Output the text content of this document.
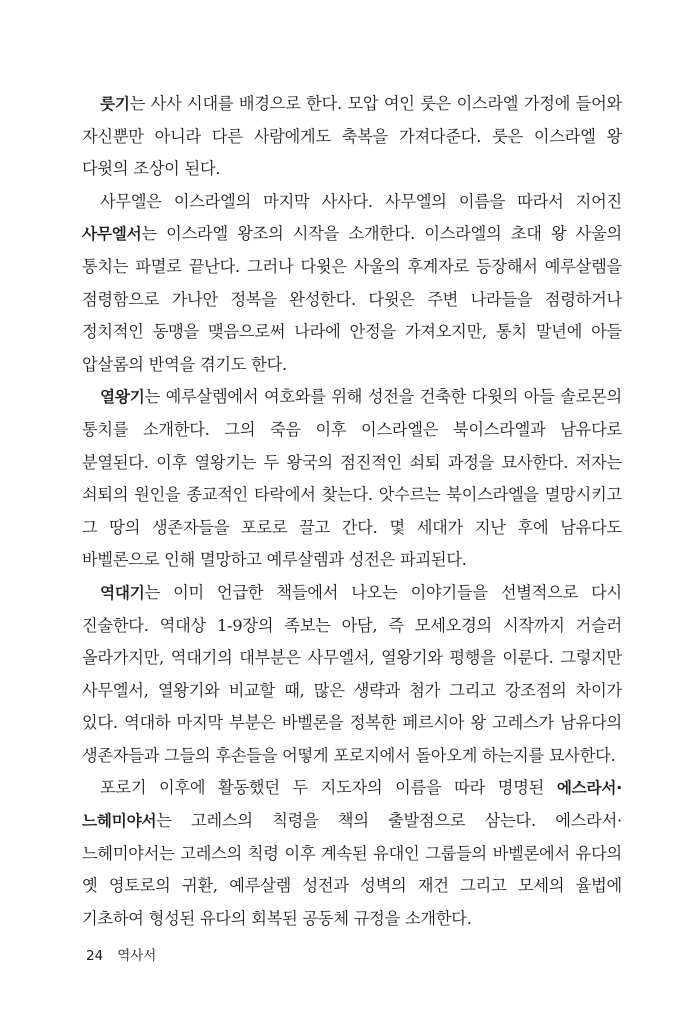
룻기는 사사 시대를 배경으로 한다. 모압 여인 룻은 이스라엘 가정에 들어와 자신뿐만 아니라 다른 사람에게도 축복을 가져다준다. 룻은 이스라엘 왕 다윗의 조상이 된다.

사무엘은 이스라엘의 마지막 사사다. 사무엘의 이름을 따라서 지어진 사무엘서는 이스라엘 왕조의 시작을 소개한다. 이스라엘의 초대 왕 사울의 통치는 파멸로 끝난다. 그러나 다윗은 사울의 후계자로 등장해서 예루살렘을 점령함으로 가나안 정복을 완성한다. 다윗은 주변 나라들을 점령하거나 정치적인 동맹을 맺음으로써 나라에 안정을 가져오지만, 통치 말년에 아들 압살롬의 반역을 겪기도 한다.

열왕기는 예루살렘에서 여호와를 위해 성전을 건축한 다윗의 아들 솔로몬의 통치를 소개한다. 그의 죽음 이후 이스라엘은 북이스라엘과 남유다로 분열된다. 이후 열왕기는 두 왕국의 점진적인 쇠퇴 과정을 묘사한다. 저자는 쇠퇴의 원인을 종교적인 타락에서 찾는다. 앗수르는 북이스라엘을 멸망시키고 그 땅의 생존자들을 포로로 끌고 간다. 몇 세대가 지난 후에 남유다도 바벨론으로 인해 멸망하고 예루살렘과 성전은 파괴된다.

역대기는 이미 언급한 책들에서 나오는 이야기들을 선별적으로 다시 진술한다. 역대상 1-9장의 족보는 아담, 즉 모세오경의 시작까지 거슬러 올라가지만, 역대기의 대부분은 사무엘서, 열왕기와 평행을 이룬다. 그렇지만 사무엘서, 열왕기와 비교할 때, 많은 생략과 첨가 그리고 강조점의 차이가 있다. 역대하 마지막 부분은 바벨론을 정복한 페르시아 왕 고레스가 남유다의 생존자들과 그들의 후손들을 어떻게 포로지에서 돌아오게 하는지를 묘사한다.

포로기 이후에 활동했던 두 지도자의 이름을 따라 명명된 에스라서·느헤미야서는 고레스의 칙령을 책의 출발점으로 삼는다. 에스라서·느헤미야서는 고레스의 칙령 이후 계속된 유대인 그룹들의 바벨론에서 유다의 옛 영토로의 귀환, 예루살렘 성전과 성벽의 재건 그리고 모세의 율법에 기초하여 형성된 유다의 회복된 공동체 규정을 소개한다.

24 역사서
